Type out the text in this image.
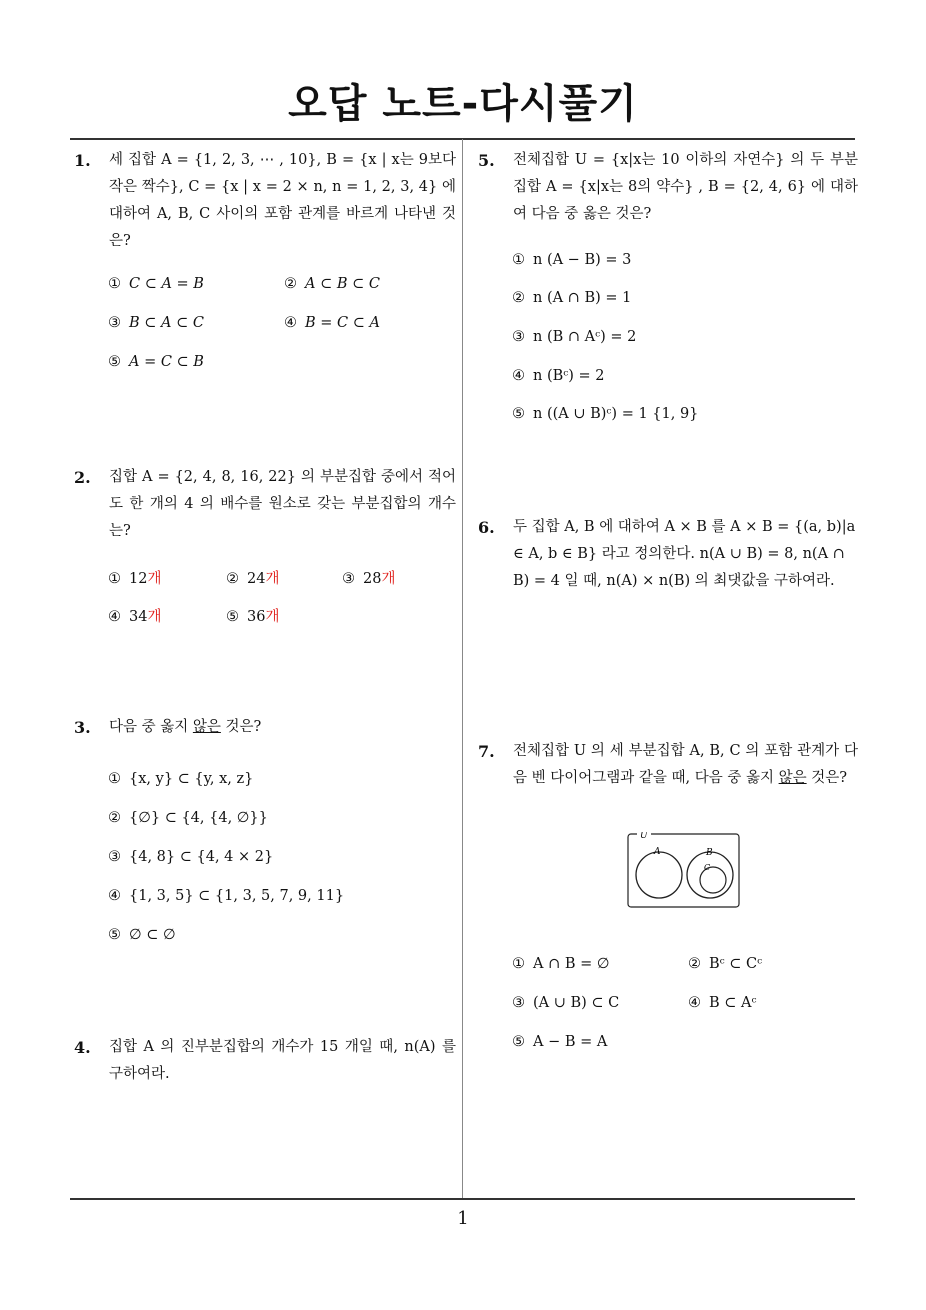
오답 노트-다시풀기
1. 세 집합 A = {1, 2, 3, ⋯ , 10}, B = {x | x는 9보다 작은 짝수}, C = {x | x = 2 × n, n = 1, 2, 3, 4} 에 대하여 A, B, C 사이의 포함 관계를 바르게 나타낸 것은?
① C ⊂ A = B	② A ⊂ B ⊂ C
③ B ⊂ A ⊂ C	④ B = C ⊂ A
⑤ A = C ⊂ B
2. 집합 A = {2, 4, 8, 16, 22} 의 부분집합 중에서 적어도 한 개의 4 의 배수를 원소로 갖는 부분집합의 개수는?
① 12개	② 24개	③ 28개
④ 34개	⑤ 36개
3. 다음 중 옳지 않은 것은?
① {x, y} ⊂ {y, x, z}
② {∅} ⊂ {4, {4, ∅}}
③ {4, 8} ⊂ {4, 4 × 2}
④ {1, 3, 5} ⊂ {1, 3, 5, 7, 9, 11}
⑤ ∅ ⊂ ∅
4. 집합 A 의 진부분집합의 개수가 15 개일 때, n(A) 를 구하여라.
5. 전체집합 U = {x|x는 10 이하의 자연수} 의 두 부분집합 A = {x|x는 8의 약수} , B = {2, 4, 6} 에 대하여 다음 중 옳은 것은?
① n (A − B) = 3
② n (A ∩ B) = 1
③ n (B ∩ Aᶜ) = 2
④ n (Bᶜ) = 2
⑤ n ((A ∪ B)ᶜ) = 1 {1, 9}
6. 두 집합 A, B 에 대하여 A × B 를 A × B = {(a, b)|a ∈ A, b ∈ B} 라고 정의한다. n(A ∪ B) = 8, n(A ∩ B) = 4 일 때, n(A) × n(B) 의 최댓값을 구하여라.
7. 전체집합 U 의 세 부분집합 A, B, C 의 포함 관계가 다음 벤 다이어그램과 같을 때, 다음 중 옳지 않은 것은?
U
A	B
C
① A ∩ B = ∅	② Bᶜ ⊂ Cᶜ
③ (A ∪ B) ⊂ C	④ B ⊂ Aᶜ
⑤ A − B = A
1
